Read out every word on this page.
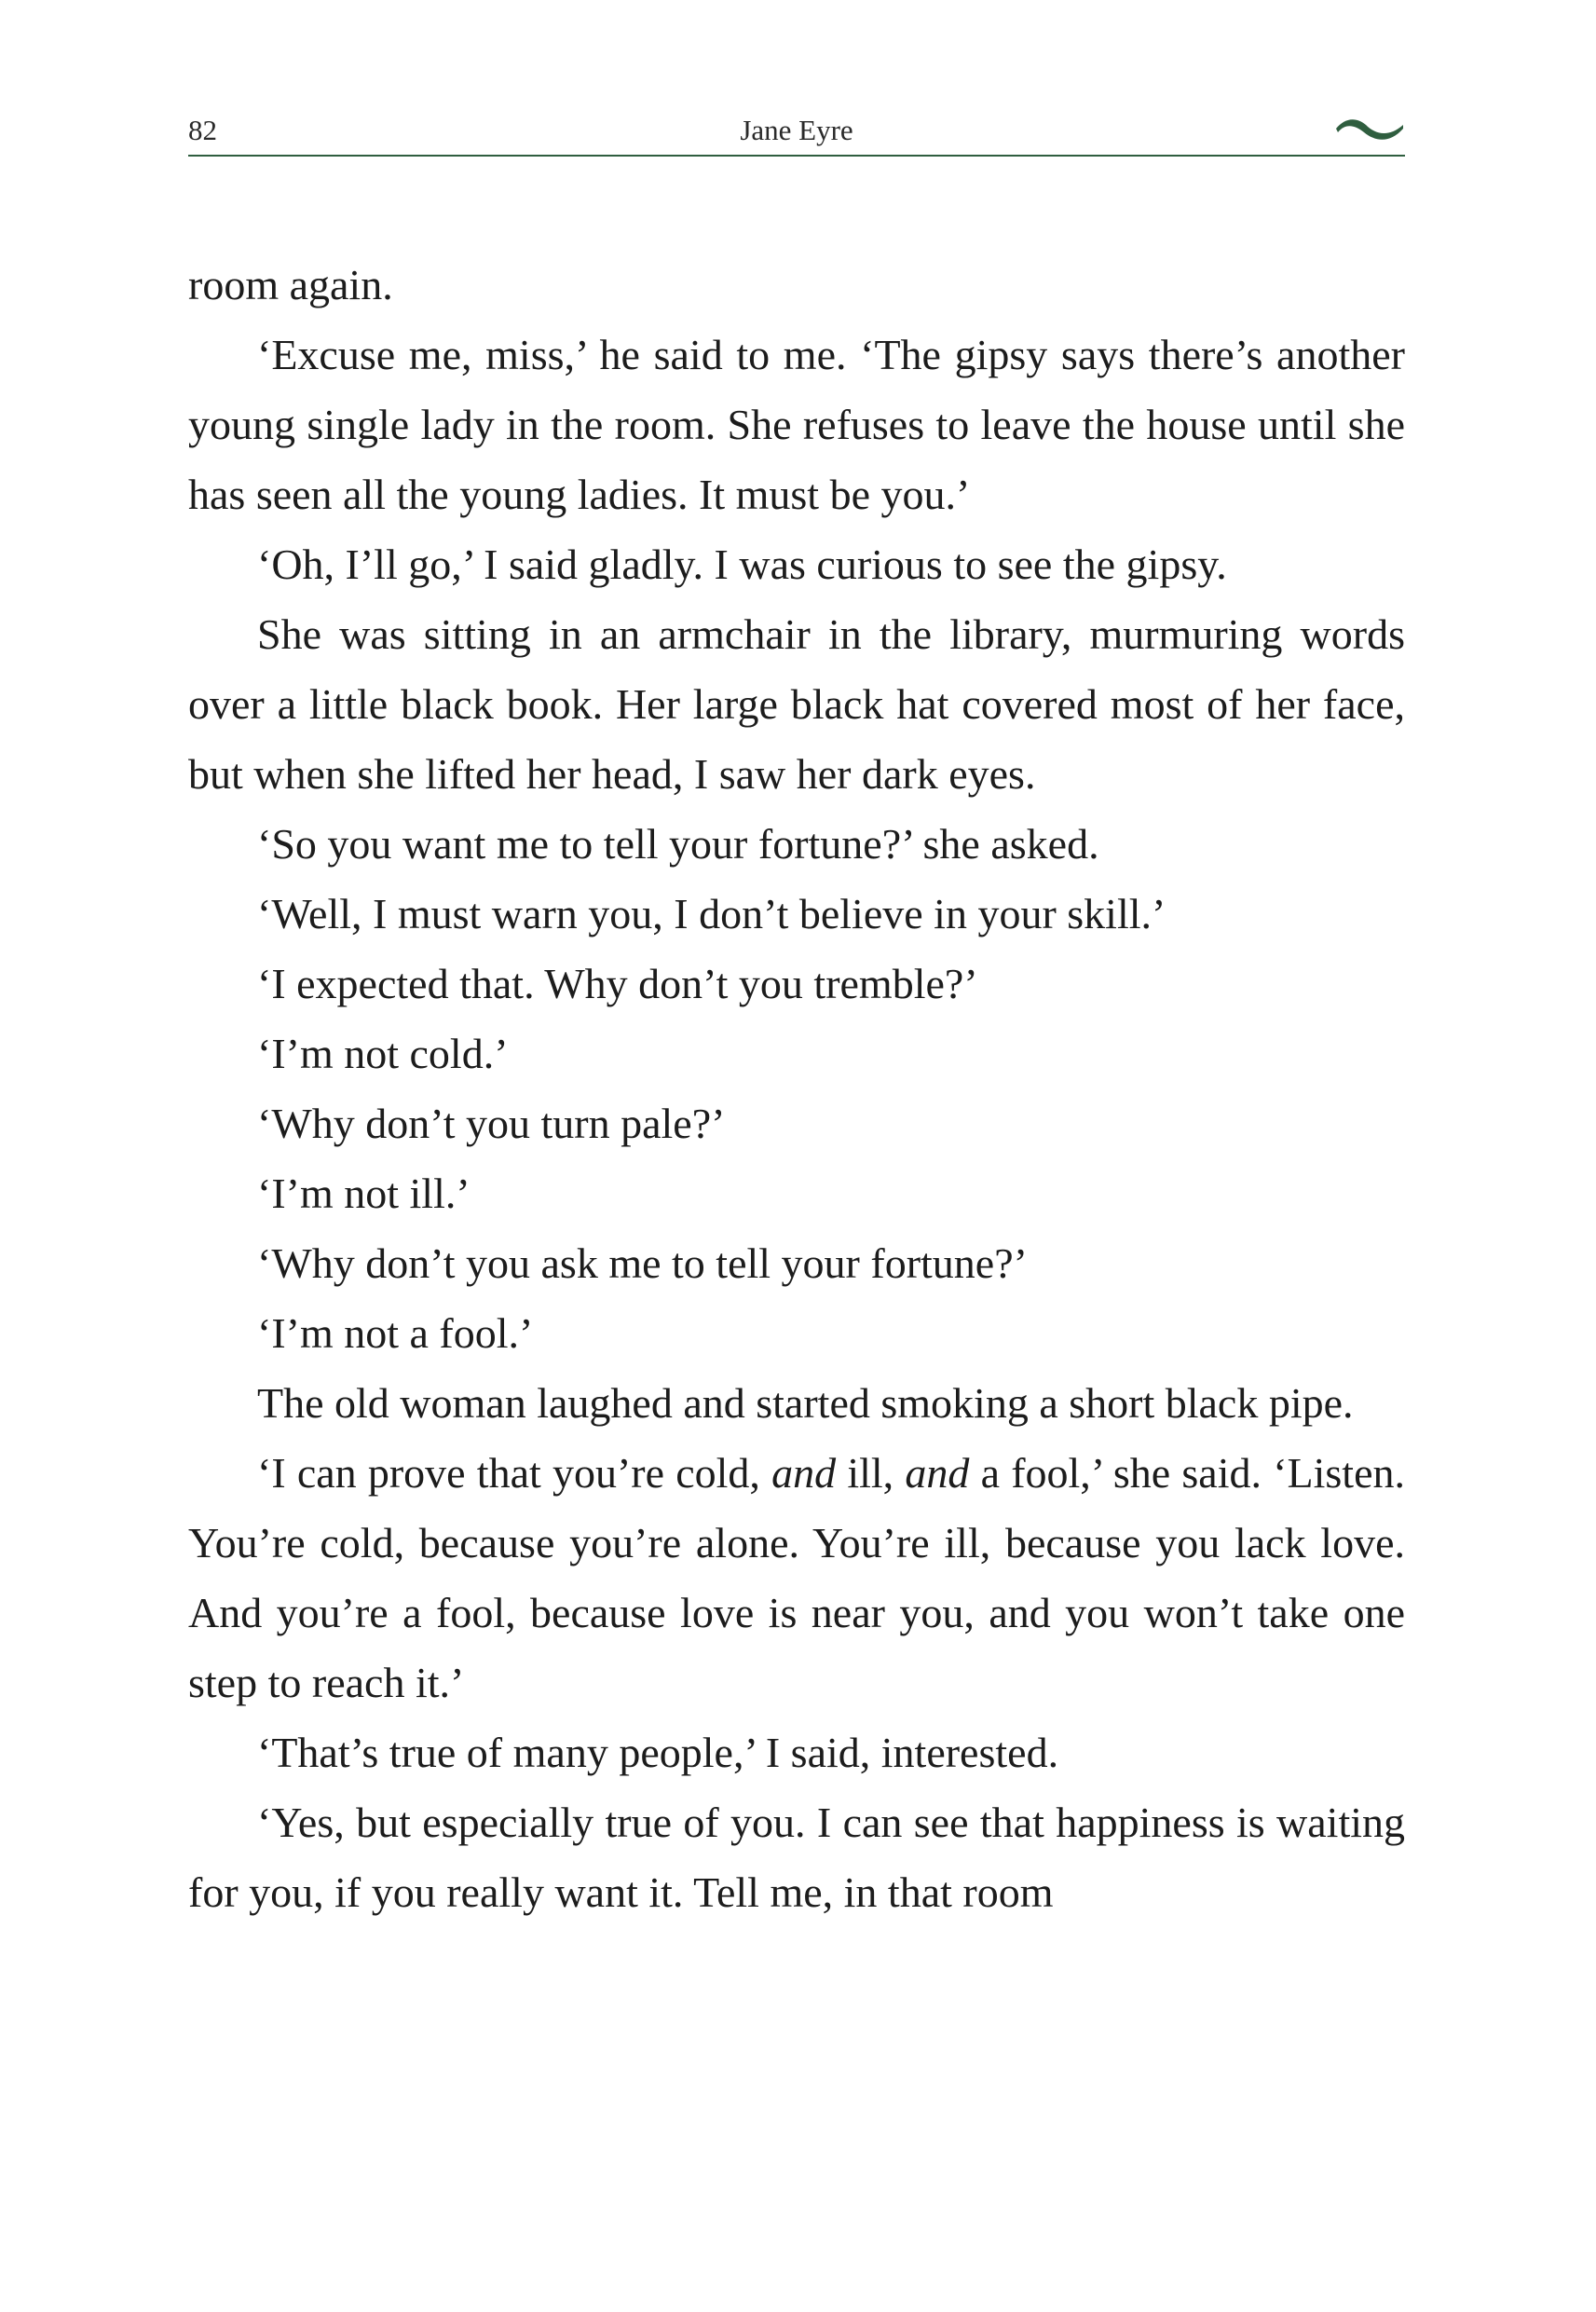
82	Jane Eyre

room again.

‘Excuse me, miss,’ he said to me. ‘The gipsy says there’s another young single lady in the room. She refuses to leave the house until she has seen all the young ladies. It must be you.’

‘Oh, I’ll go,’ I said gladly. I was curious to see the gipsy.

She was sitting in an armchair in the library, murmuring words over a little black book. Her large black hat covered most of her face, but when she lifted her head, I saw her dark eyes.

‘So you want me to tell your fortune?’ she asked.

‘Well, I must warn you, I don’t believe in your skill.’

‘I expected that. Why don’t you tremble?’

‘I’m not cold.’

‘Why don’t you turn pale?’

‘I’m not ill.’

‘Why don’t you ask me to tell your fortune?’

‘I’m not a fool.’

The old woman laughed and started smoking a short black pipe.

‘I can prove that you’re cold, and ill, and a fool,’ she said. ‘Listen. You’re cold, because you’re alone. You’re ill, because you lack love. And you’re a fool, because love is near you, and you won’t take one step to reach it.’

‘That’s true of many people,’ I said, interested.

‘Yes, but especially true of you. I can see that happiness is waiting for you, if you really want it. Tell me, in that room
